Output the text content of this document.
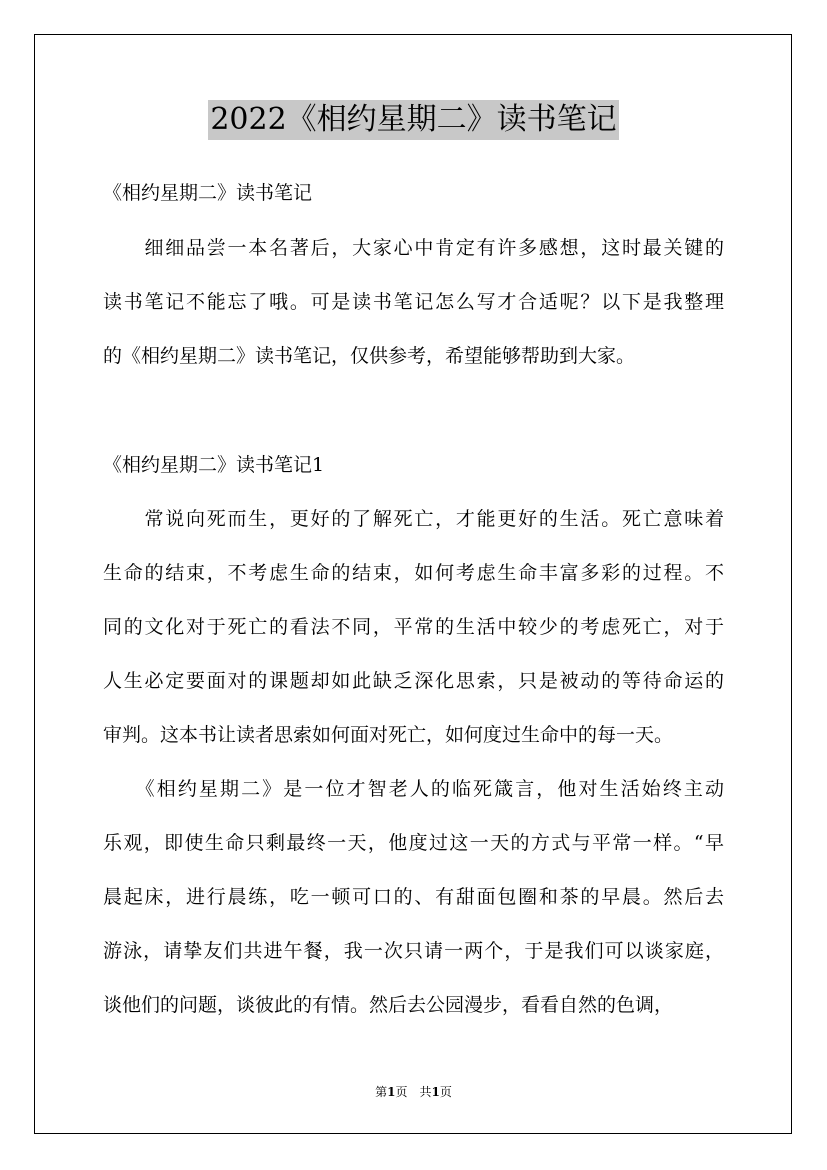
2022《相约星期二》读书笔记
《相约星期二》读书笔记
　　细细品尝一本名著后，大家心中肯定有许多感想，这时最关键的
读书笔记不能忘了哦。可是读书笔记怎么写才合适呢？以下是我整理
的《相约星期二》读书笔记，仅供参考，希望能够帮助到大家。
《相约星期二》读书笔记1
　　常说向死而生，更好的了解死亡，才能更好的生活。死亡意味着
生命的结束，不考虑生命的结束，如何考虑生命丰富多彩的过程。不
同的文化对于死亡的看法不同，平常的生活中较少的考虑死亡，对于
人生必定要面对的课题却如此缺乏深化思索，只是被动的等待命运的
审判。这本书让读者思索如何面对死亡，如何度过生命中的每一天。
　　《相约星期二》是一位才智老人的临死箴言，他对生活始终主动
乐观，即使生命只剩最终一天，他度过这一天的方式与平常一样。“早
晨起床，进行晨练，吃一顿可口的、有甜面包圈和茶的早晨。然后去
游泳，请挚友们共进午餐，我一次只请一两个，于是我们可以谈家庭，
谈他们的问题，谈彼此的有情。然后去公园漫步，看看自然的色调，
第1页　共1页
